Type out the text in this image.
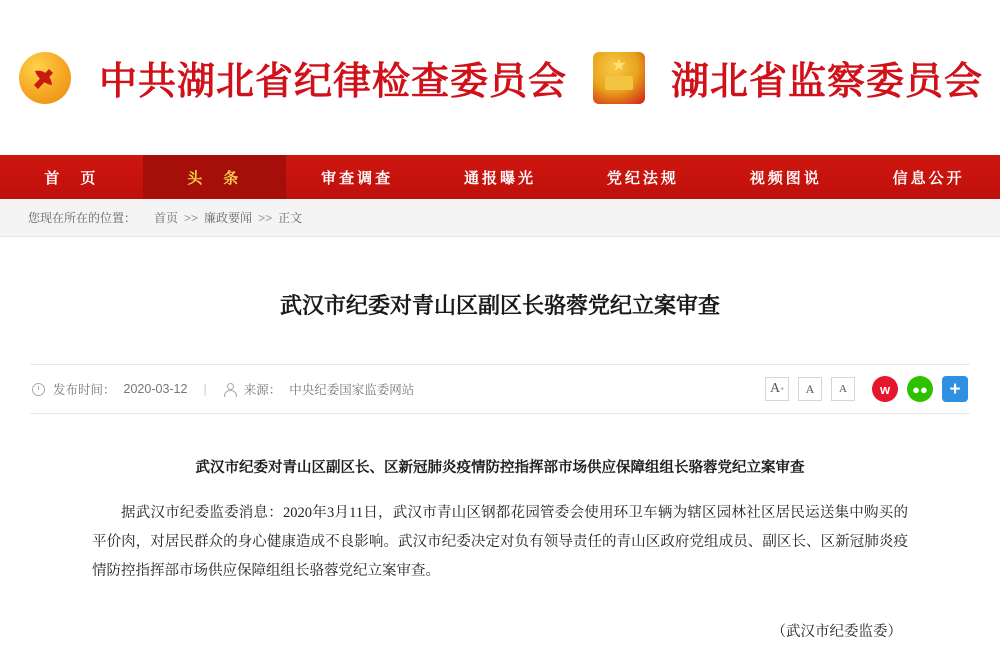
中共湖北省纪律检查委员会	★ 湖北省监察委员会
首　页	头　条	审查调查	通报曝光	党纪法规	视频图说	信息公开
您现在所在的位置： 首页 >> 廉政要闻 >> 正文
武汉市纪委对青山区副区长骆蓉党纪立案审查
发布时间： 2020-03-12	|	来源： 中央纪委国家监委网站	A +	A	A	w	●●	+
武汉市纪委对青山区副区长、区新冠肺炎疫情防控指挥部市场供应保障组组长骆蓉党纪立案审查
据武汉市纪委监委消息：2020年3月11日，武汉市青山区钢都花园管委会使用环卫车辆为辖区园林社区居民运送集中购买的平价肉，对居民群众的身心健康造成不良影响。武汉市纪委决定对负有领导责任的青山区政府党组成员、副区长、区新冠肺炎疫情防控指挥部市场供应保障组组长骆蓉党纪立案审查。
（武汉市纪委监委）
